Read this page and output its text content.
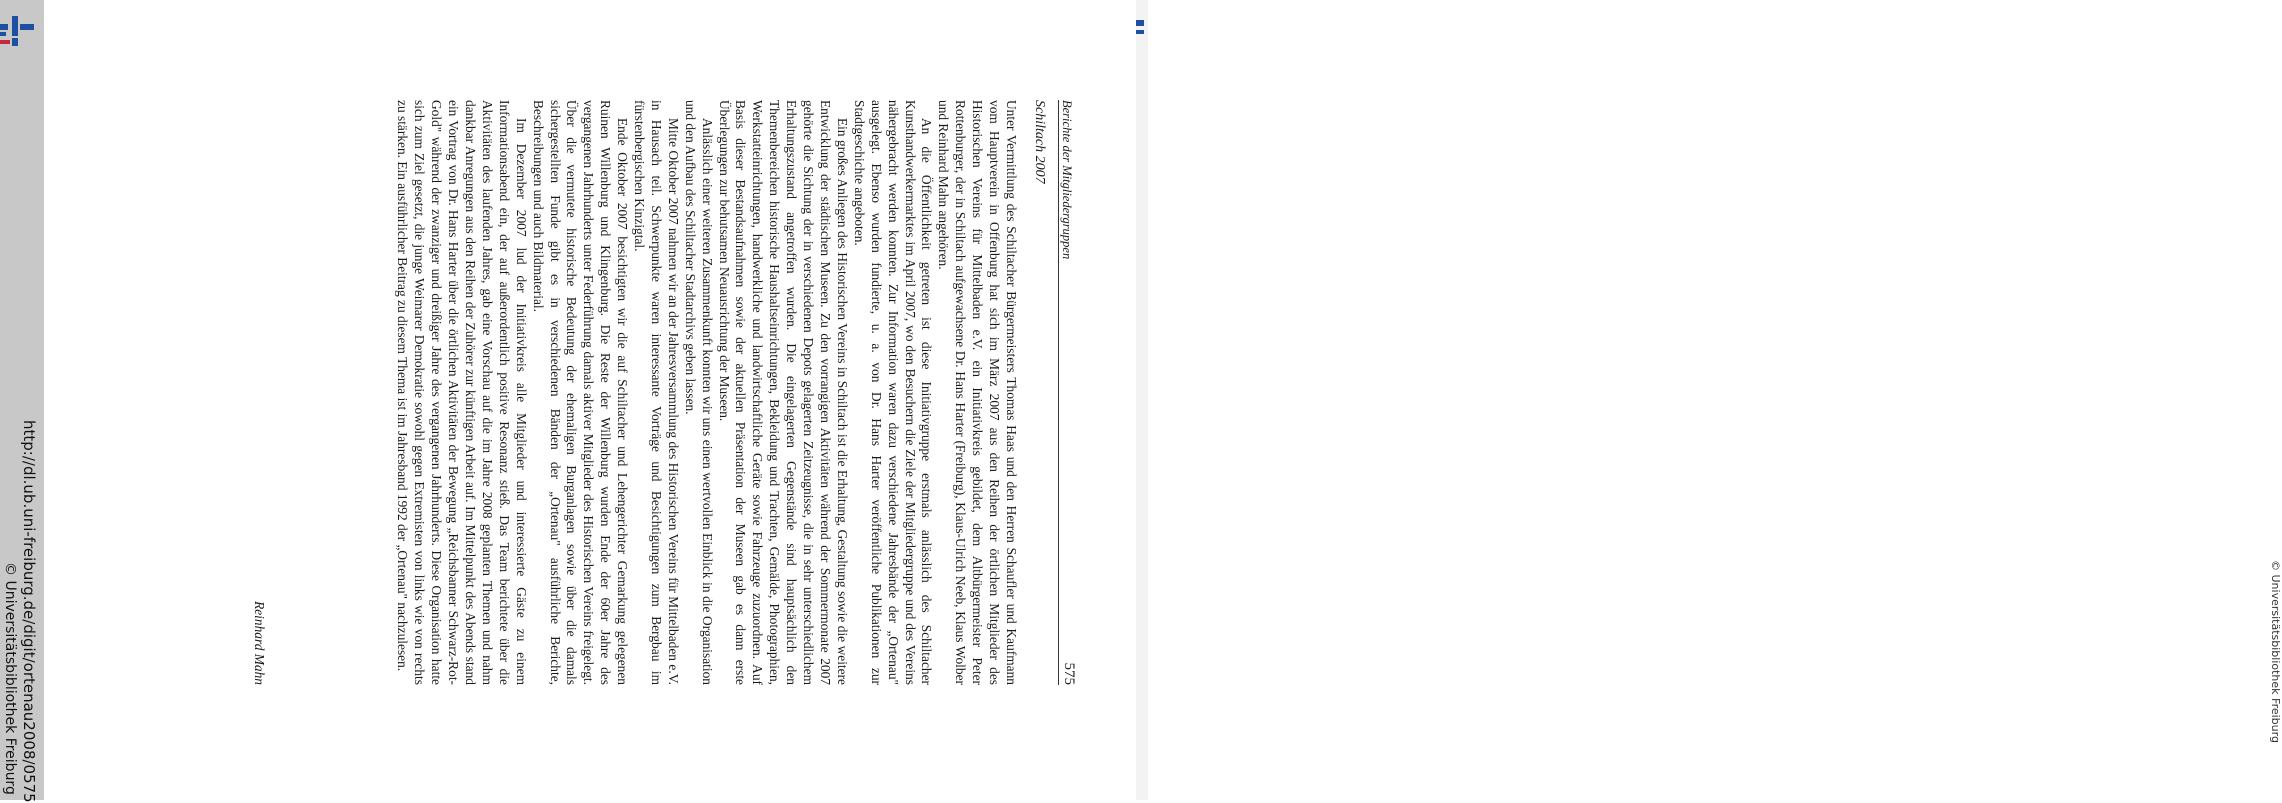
http://dl.ub.uni-freiburg.de/digit/ortenau2008/0575
© Universitätsbibliothek Freiburg	© Universitätsbibliothek Freiburg
Berichte der Mitgliedergruppen
575
Schiltach 2007

Unter Vermittlung des Schiltacher Bürgermeisters Thomas Haas und den Herren Schaufler und Kaufmann vom Hauptverein in Offenburg hat sich im März 2007 aus den Reihen der örtlichen Mitglieder des Historischen Vereins für Mittelbaden e.V. ein Initiativkreis gebildet, dem Altbürgermeister Peter Rottenburger, der in Schiltach aufgewachsene Dr. Hans Harter (Freiburg), Klaus-Ulrich Neeb, Klaus Wolber und Reinhard Mahn angehören.

An die Öffentlichkeit getreten ist diese Initiativgruppe erstmals anlässlich des Schiltacher Kunsthandwerkermarktes im April 2007, wo den Besuchern die Ziele der Mitgliedergruppe und des Vereins nähergebracht werden konnten. Zur Information waren dazu verschiedene Jahresbände der „Ortenau" ausgelegt. Ebenso wurden fundierte, u. a. von Dr. Hans Harter veröffentliche Publikationen zur Stadtgeschichte angeboten.

Ein großes Anliegen des Historischen Vereins in Schiltach ist die Erhaltung, Gestaltung sowie die weitere Entwicklung der städtischen Museen. Zu den vorrangigen Aktivitäten während der Sommermonate 2007 gehörte die Sichtung der in verschiedenen Depots gelagerten Zeitzeugnisse, die in sehr unterschiedlichem Erhaltungszustand angetroffen wurden. Die eingelagerten Gegenstände sind hauptsächlich den Themenbereichen historische Haushaltseinrichtungen, Bekleidung und Trachten, Gemälde, Photographien, Werkstatteinrichtungen, handwerkliche und landwirtschaftliche Geräte sowie Fahrzeuge zuzuordnen. Auf Basis dieser Bestandsaufnahmen sowie der aktuellen Präsentation der Museen gab es dann erste Überlegungen zur behutsamen Neuausrichtung der Museen.

Anlässlich einer weiteren Zusammenkunft konnten wir uns einen wertvollen Einblick in die Organisation und den Aufbau des Schiltacher Stadtarchivs geben lassen.

Mitte Oktober 2007 nahmen wir an der Jahresversammlung des Historischen Vereins für Mittelbaden e.V. in Hausach teil. Schwerpunkte waren interessante Vorträge und Besichtigungen zum Bergbau im fürstenbergischen Kinzigtal.

Ende Oktober 2007 besichtigten wir die auf Schiltacher und Lehengerichter Gemarkung gelegenen Ruinen Willenburg und Klingenburg. Die Reste der Willenburg wurden Ende der 60er Jahre des vergangenen Jahrhunderts unter Federführung damals aktiver Mitglieder des Historischen Vereins freigelegt. Über die vermutete historische Bedeutung der ehemaligen Burganlagen sowie über die damals sichergestellten Funde gibt es in verschiedenen Bänden der „Ortenau" ausführliche Berichte, Beschreibungen und auch Bildmaterial.

Im Dezember 2007 lud der Initiativkreis alle Mitglieder und interessierte Gäste zu einem Informationsabend ein, der auf außerordentlich positive Resonanz stieß. Das Team berichtete über die Aktivitäten des laufenden Jahres, gab eine Vorschau auf die im Jahre 2008 geplanten Themen und nahm dankbar Anregungen aus den Reihen der Zuhörer zur künftigen Arbeit auf. Im Mittelpunkt des Abends stand ein Vortrag von Dr. Hans Harter über die örtlichen Aktivitäten der Bewegung „Reichsbanner Schwarz-Rot-Gold" während der zwanziger und dreißiger Jahre des vergangenen Jahrhunderts. Diese Organisation hatte sich zum Ziel gesetzt, die junge Weimarer Demokratie sowohl gegen Extremisten von links wie von rechts zu stärken. Ein ausführlicher Beitrag zu diesem Thema ist im Jahresband 1992 der „Ortenau" nachzulesen.

Reinhard Mahn
